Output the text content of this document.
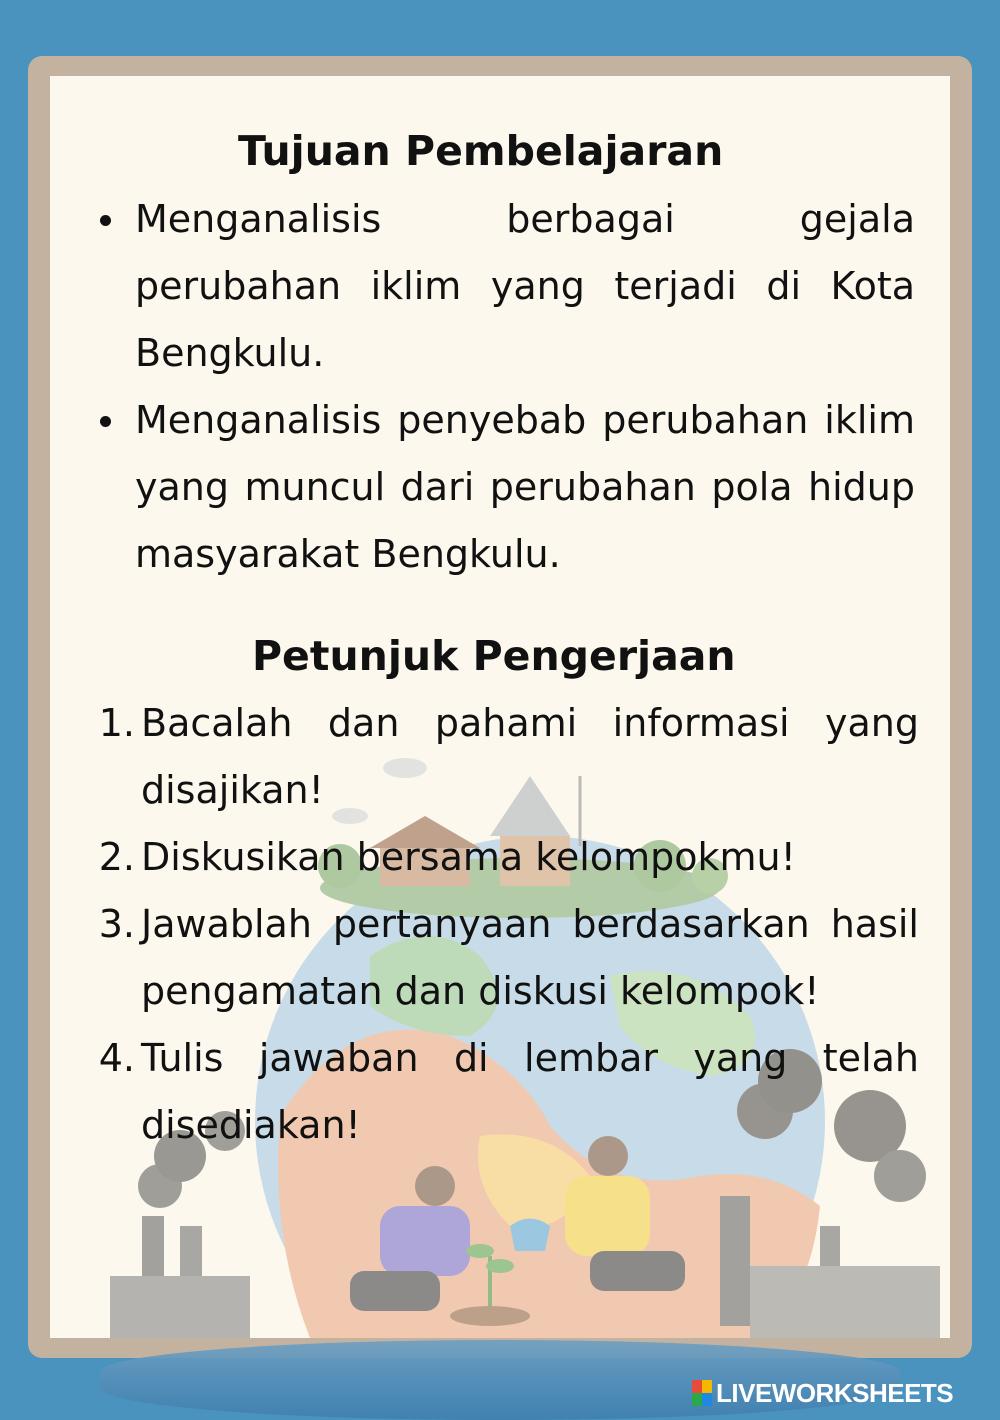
Tujuan Pembelajaran
Menganalisis berbagai gejala
perubahan iklim yang terjadi di Kota
Bengkulu.
Menganalisis penyebab perubahan iklim
yang muncul dari perubahan pola hidup
masyarakat Bengkulu.
Petunjuk Pengerjaan
1. Bacalah dan pahami informasi yang
disajikan!
2. Diskusikan bersama kelompokmu!
3. Jawablah pertanyaan berdasarkan hasil
pengamatan dan diskusi kelompok!
4. Tulis jawaban di lembar yang telah
disediakan!
LIVEWORKSHEETS
